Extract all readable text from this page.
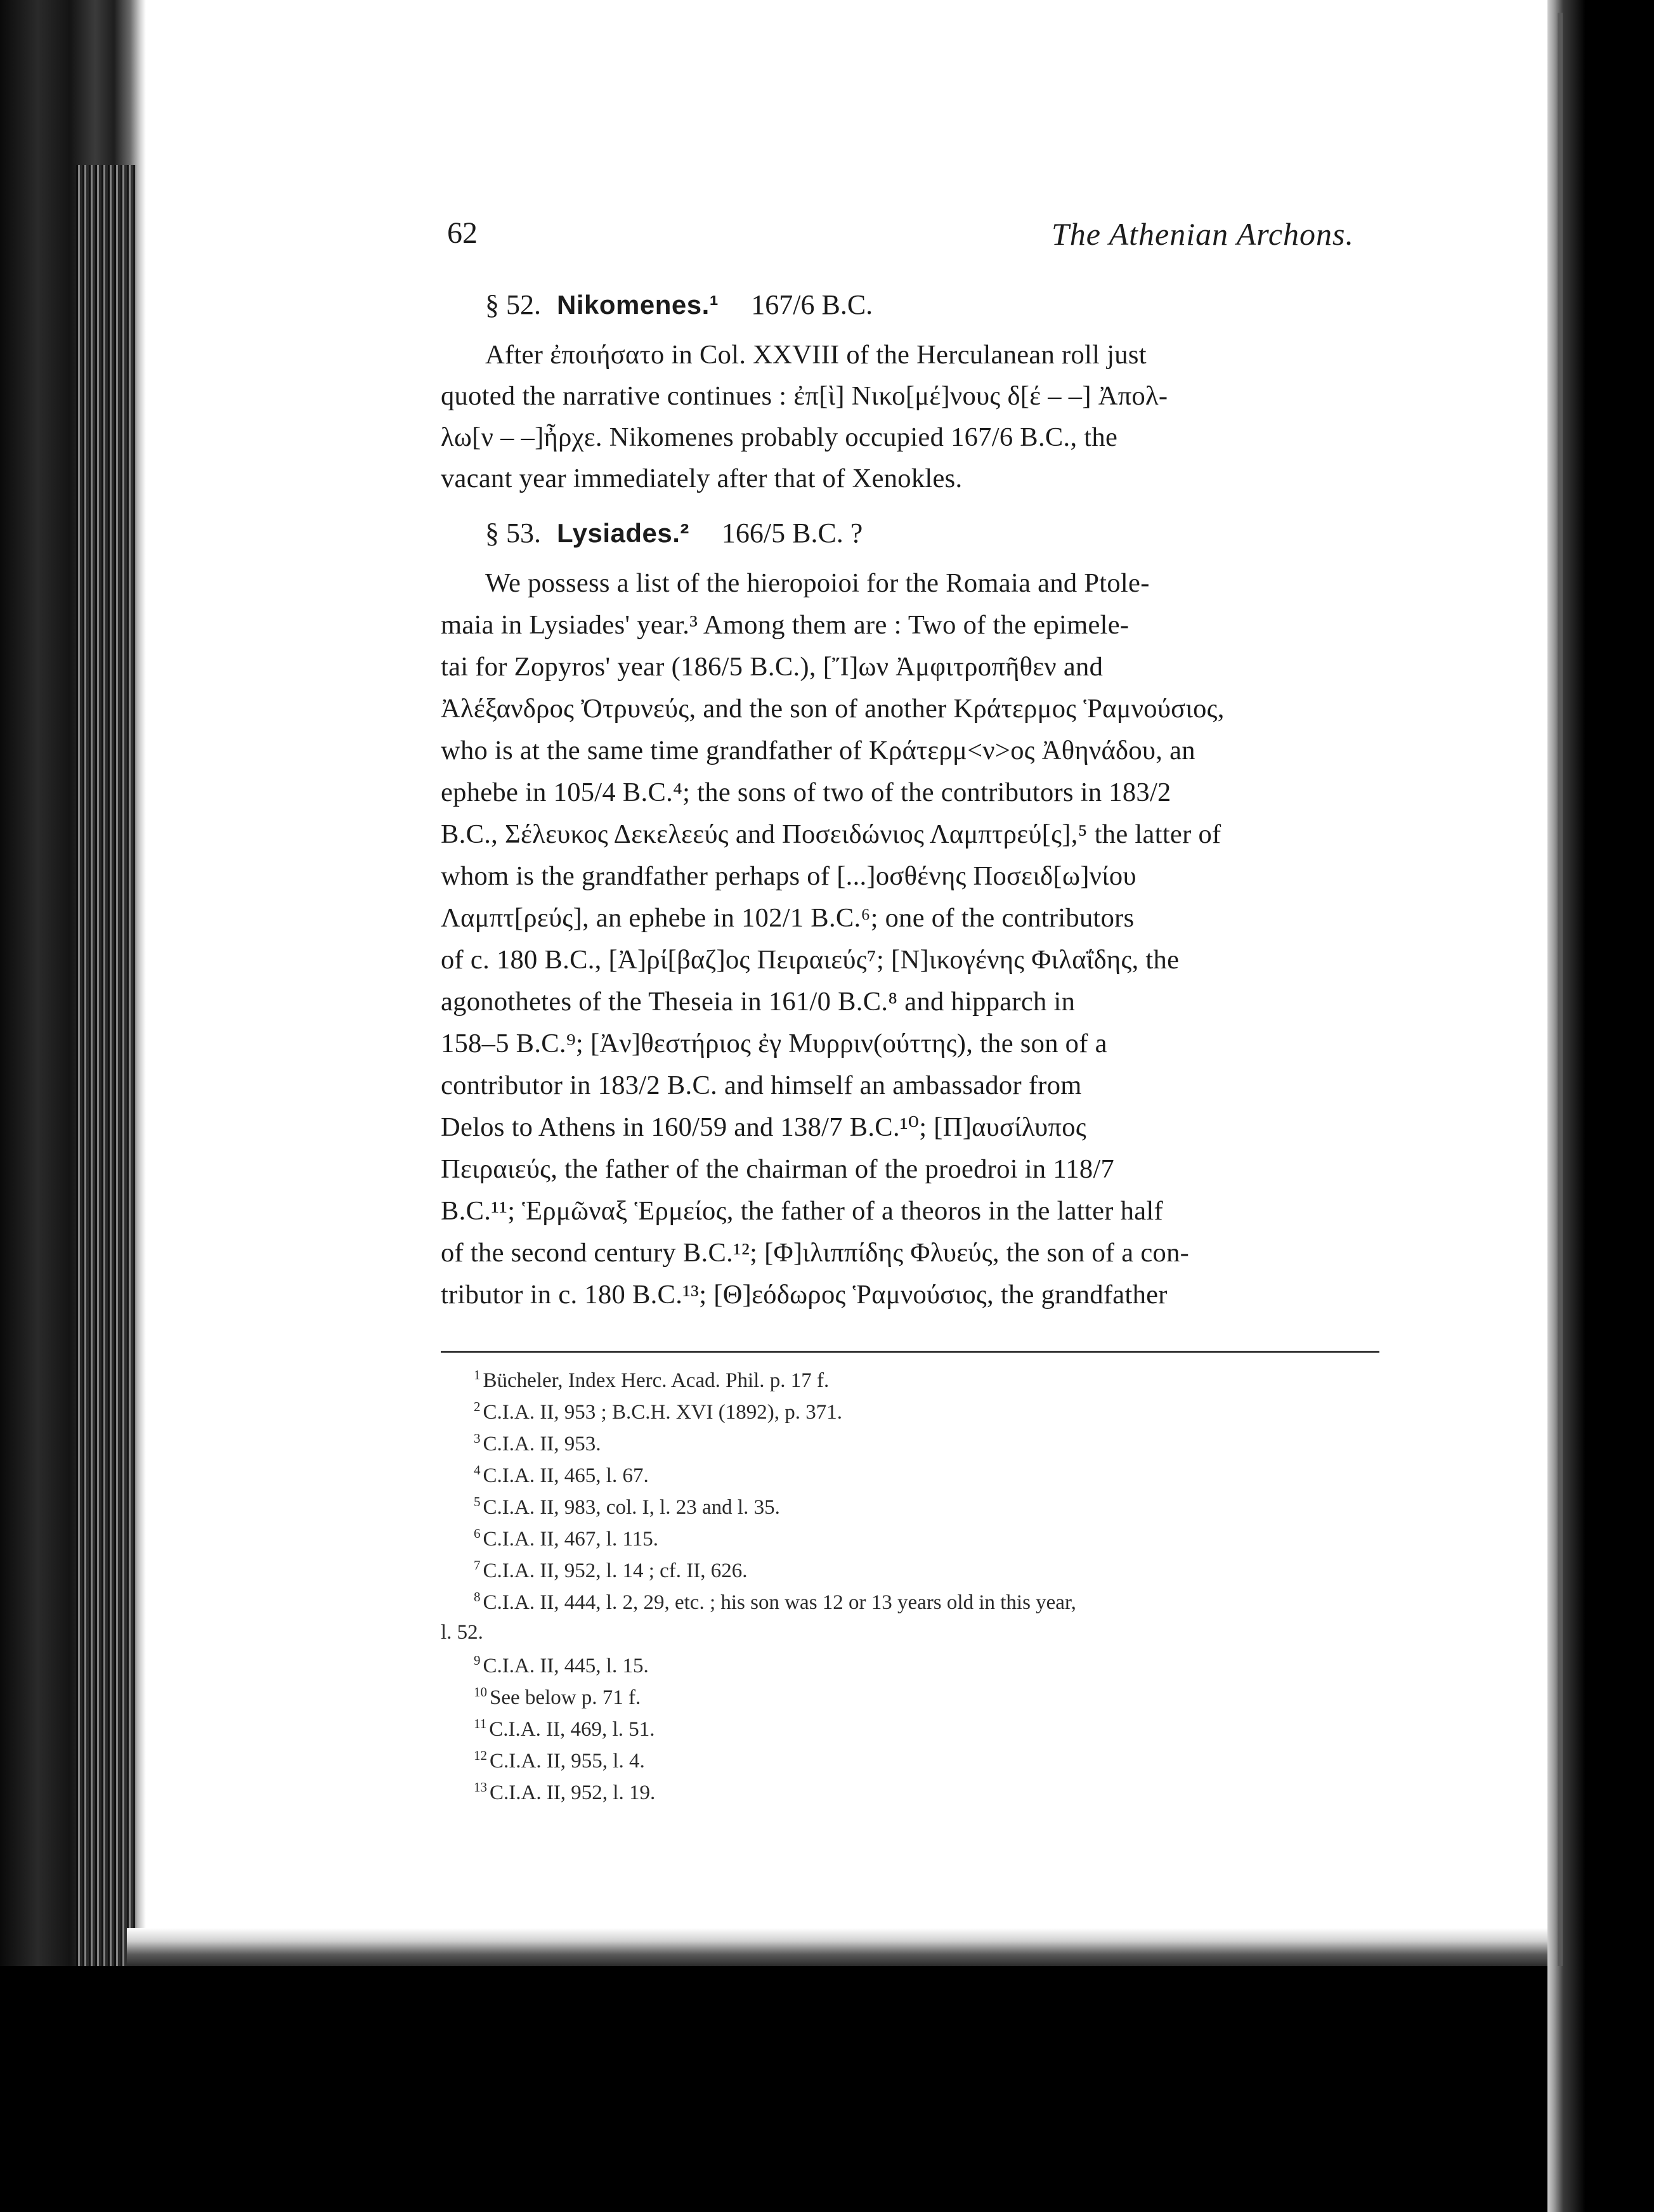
62	The Athenian Archons.
§ 52. Nikomenes.¹ 167/6 B.C.
After ἐποιήσατο in Col. XXVIII of the Herculanean roll just
quoted the narrative continues : ἐπ[ὶ] Νικο[μέ]νους δ[έ – –] Ἀπολ-
λω[ν – –]ἦρχε. Nikomenes probably occupied 167/6 B.C., the
vacant year immediately after that of Xenokles.
§ 53. Lysiades.² 166/5 B.C. ?
We possess a list of the hieropoioi for the Romaia and Ptole-
maia in Lysiades' year.³ Among them are : Two of the epimele-
tai for Zopyros' year (186/5 B.C.), [Ἴ]ων Ἀμφιτροπῆθεν and
Ἀλέξανδρος Ὀτρυνεύς, and the son of another Κράτερμος Ῥαμνούσιος,
who is at the same time grandfather of Κράτερμ<ν>ος Ἀθηνάδου, an
ephebe in 105/4 B.C.⁴; the sons of two of the contributors in 183/2
B.C., Σέλευκος Δεκελεεύς and Ποσειδώνιος Λαμπτρεύ[ς],⁵ the latter of
whom is the grandfather perhaps of [...]οσθένης Ποσειδ[ω]νίου
Λαμπτ[ρεύς], an ephebe in 102/1 B.C.⁶; one of the contributors
of c. 180 B.C., [Ἀ]ρί[βαζ]ος Πειραιεύς⁷; [Ν]ικογένης Φιλαΐδης, the
agonothetes of the Theseia in 161/0 B.C.⁸ and hipparch in
158–5 B.C.⁹; [Ἀν]θεστήριος ἐγ Μυρριν(ούττης), the son of a
contributor in 183/2 B.C. and himself an ambassador from
Delos to Athens in 160/59 and 138/7 B.C.¹⁰; [Π]αυσίλυπος
Πειραιεύς, the father of the chairman of the proedroi in 118/7
B.C.¹¹; Ἑρμῶναξ Ἑρμείος, the father of a theoros in the latter half
of the second century B.C.¹²; [Φ]ιλιππίδης Φλυεύς, the son of a con-
tributor in c. 180 B.C.¹³; [Θ]εόδωρος Ῥαμνούσιος, the grandfather
$^1$ Bücheler, Index Herc. Acad. Phil. p. 17 f.
$^2$ C.I.A. II, 953 ; B.C.H. XVI (1892), p. 371.
$^3$ C.I.A. II, 953.
$^4$ C.I.A. II, 465, l. 67.
$^5$ C.I.A. II, 983, col. I, l. 23 and l. 35.
$^6$ C.I.A. II, 467, l. 115.
$^7$ C.I.A. II, 952, l. 14 ; cf. II, 626.
$^8$ C.I.A. II, 444, l. 2, 29, etc. ; his son was 12 or 13 years old in this year,
l. 52.
$^9$ C.I.A. II, 445, l. 15.
$^{10}$ See below p. 71 f.
$^{11}$ C.I.A. II, 469, l. 51.
$^{12}$ C.I.A. II, 955, l. 4.
$^{13}$ C.I.A. II, 952, l. 19.
